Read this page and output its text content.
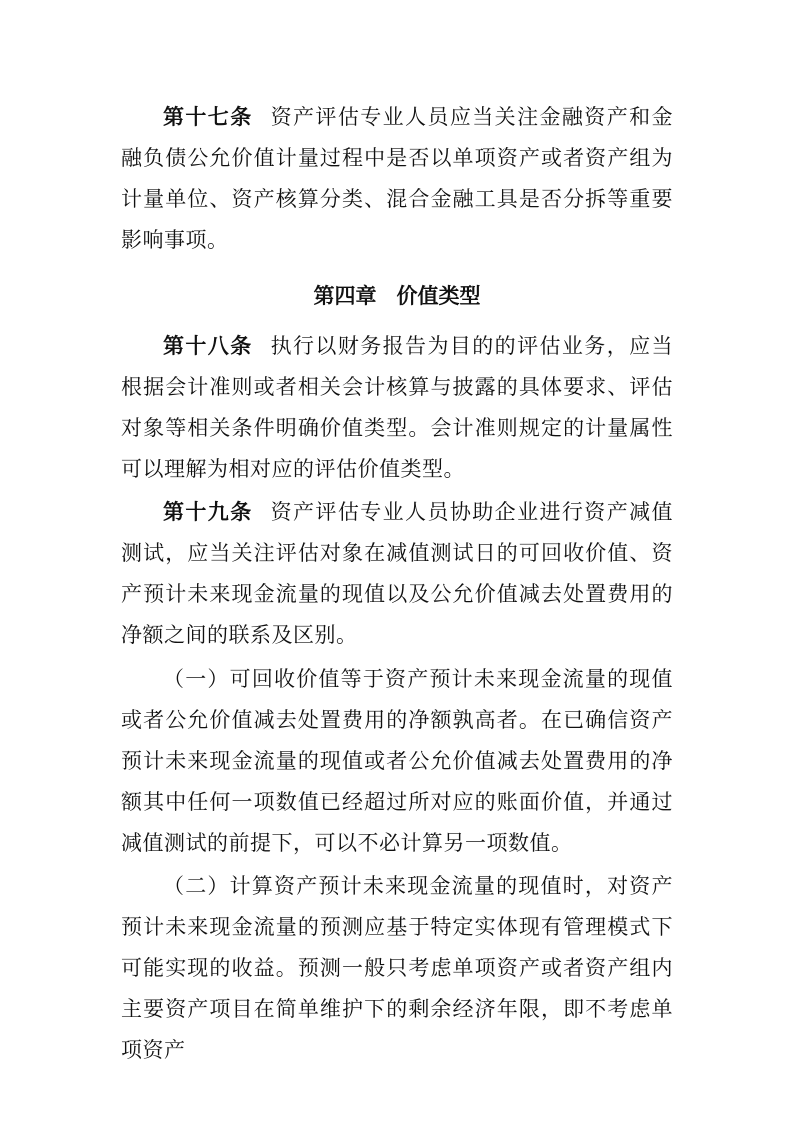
第十七条 资产评估专业人员应当关注金融资产和金融负债公允价值计量过程中是否以单项资产或者资产组为计量单位、资产核算分类、混合金融工具是否分拆等重要影响事项。

第四章 价值类型

第十八条 执行以财务报告为目的的评估业务，应当根据会计准则或者相关会计核算与披露的具体要求、评估对象等相关条件明确价值类型。会计准则规定的计量属性可以理解为相对应的评估价值类型。

第十九条 资产评估专业人员协助企业进行资产减值测试，应当关注评估对象在减值测试日的可回收价值、资产预计未来现金流量的现值以及公允价值减去处置费用的净额之间的联系及区别。

（一）可回收价值等于资产预计未来现金流量的现值或者公允价值减去处置费用的净额孰高者。在已确信资产预计未来现金流量的现值或者公允价值减去处置费用的净额其中任何一项数值已经超过所对应的账面价值，并通过减值测试的前提下，可以不必计算另一项数值。

（二）计算资产预计未来现金流量的现值时，对资产预计未来现金流量的预测应基于特定实体现有管理模式下可能实现的收益。预测一般只考虑单项资产或者资产组内主要资产项目在简单维护下的剩余经济年限，即不考虑单项资产
